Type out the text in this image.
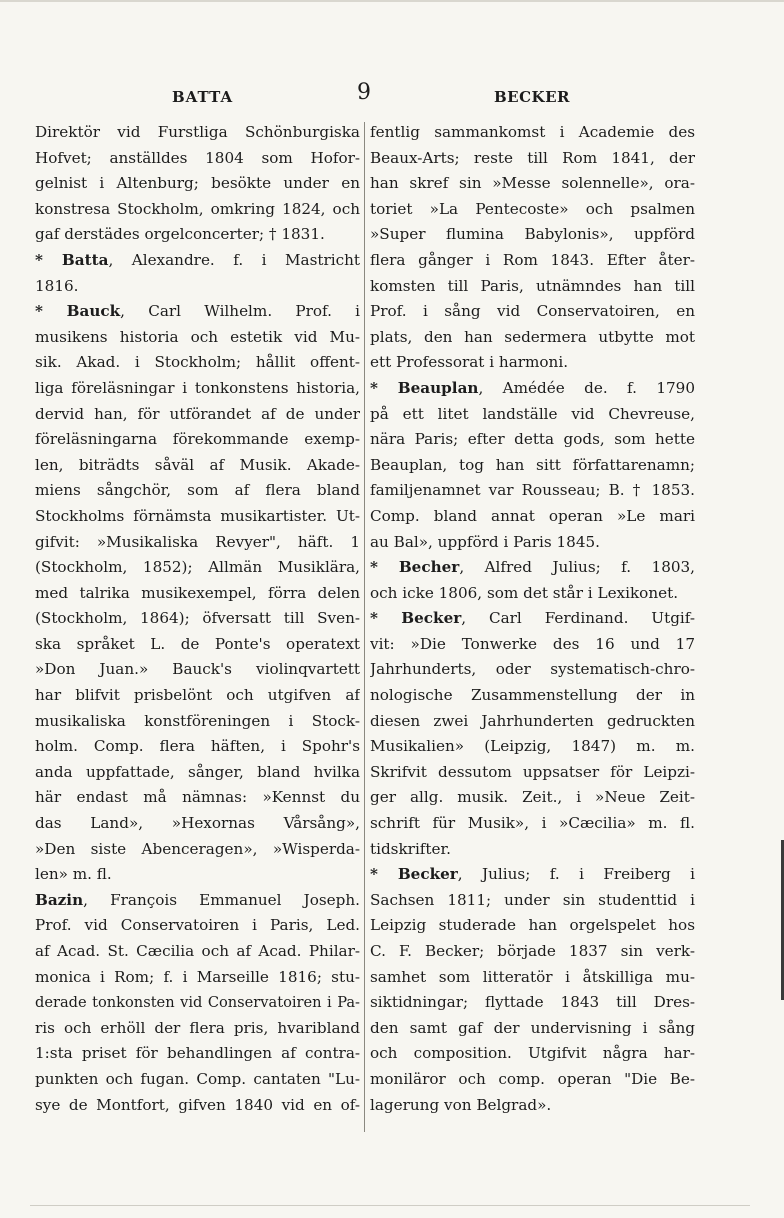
BATTA	9	BECKER
Direktör vid Furstliga Schönburgiska
Hofvet; anställdes 1804 som Hofor-
gelnist i Altenburg; besökte under en
konstresa Stockholm, omkring 1824, och
gaf derstädes orgelconcerter; † 1831.
* Batta, Alexandre. f. i Mastricht
1816.
* Bauck, Carl Wilhelm. Prof. i
musikens historia och estetik vid Mu-
sik. Akad. i Stockholm; hållit offent-
liga föreläsningar i tonkonstens historia,
dervid han, för utförandet af de under
föreläsningarna förekommande exemp-
len, biträdts såväl af Musik. Akade-
miens sångchör, som af flera bland
Stockholms förnämsta musikartister. Ut-
gifvit: »Musikaliska Revyer", häft. 1
(Stockholm, 1852); Allmän Musiklära,
med talrika musikexempel, förra delen
(Stockholm, 1864); öfversatt till Sven-
ska språket L. de Ponte's operatext
»Don Juan.» Bauck's violinqvartett
har blifvit prisbelönt och utgifven af
musikaliska konstföreningen i Stock-
holm. Comp. flera häften, i Spohr's
anda uppfattade, sånger, bland hvilka
här endast må nämnas: »Kennst du
das Land», »Hexornas Vårsång»,
»Den siste Abenceragen», »Wisperda-
len» m. fl.
Bazin, François Emmanuel Joseph.
Prof. vid Conservatoiren i Paris, Led.
af Acad. St. Cæcilia och af Acad. Philar-
monica i Rom; f. i Marseille 1816; stu-
derade tonkonsten vid Conservatoiren i Pa-
ris och erhöll der flera pris, hvaribland
1:sta priset för behandlingen af contra-
punkten och fugan. Comp. cantaten "Lu-
sye de Montfort, gifven 1840 vid en of-
fentlig sammankomst i Academie des
Beaux-Arts; reste till Rom 1841, der
han skref sin »Messe solennelle», ora-
toriet »La Pentecoste» och psalmen
»Super flumina Babylonis», uppförd
flera gånger i Rom 1843. Efter åter-
komsten till Paris, utnämndes han till
Prof. i sång vid Conservatoiren, en
plats, den han sedermera utbytte mot
ett Professorat i harmoni.
* Beauplan, Amédée de. f. 1790
på ett litet landställe vid Chevreuse,
nära Paris; efter detta gods, som hette
Beauplan, tog han sitt författarenamn;
familjenamnet var Rousseau; B. † 1853.
Comp. bland annat operan »Le mari
au Bal», uppförd i Paris 1845.
* Becher, Alfred Julius; f. 1803,
och icke 1806, som det står i Lexikonet.
* Becker, Carl Ferdinand. Utgif-
vit: »Die Tonwerke des 16 und 17
Jahrhunderts, oder systematisch-chro-
nologische Zusammenstellung der in
diesen zwei Jahrhunderten gedruckten
Musikalien» (Leipzig, 1847) m. m.
Skrifvit dessutom uppsatser för Leipzi-
ger allg. musik. Zeit., i »Neue Zeit-
schrift für Musik», i »Cæcilia» m. fl.
tidskrifter.
* Becker, Julius; f. i Freiberg i
Sachsen 1811; under sin studenttid i
Leipzig studerade han orgelspelet hos
C. F. Becker; började 1837 sin verk-
samhet som litteratör i åtskilliga mu-
siktidningar; flyttade 1843 till Dres-
den samt gaf der undervisning i sång
och composition. Utgifvit några har-
moniläror och comp. operan "Die Be-
lagerung von Belgrad».
